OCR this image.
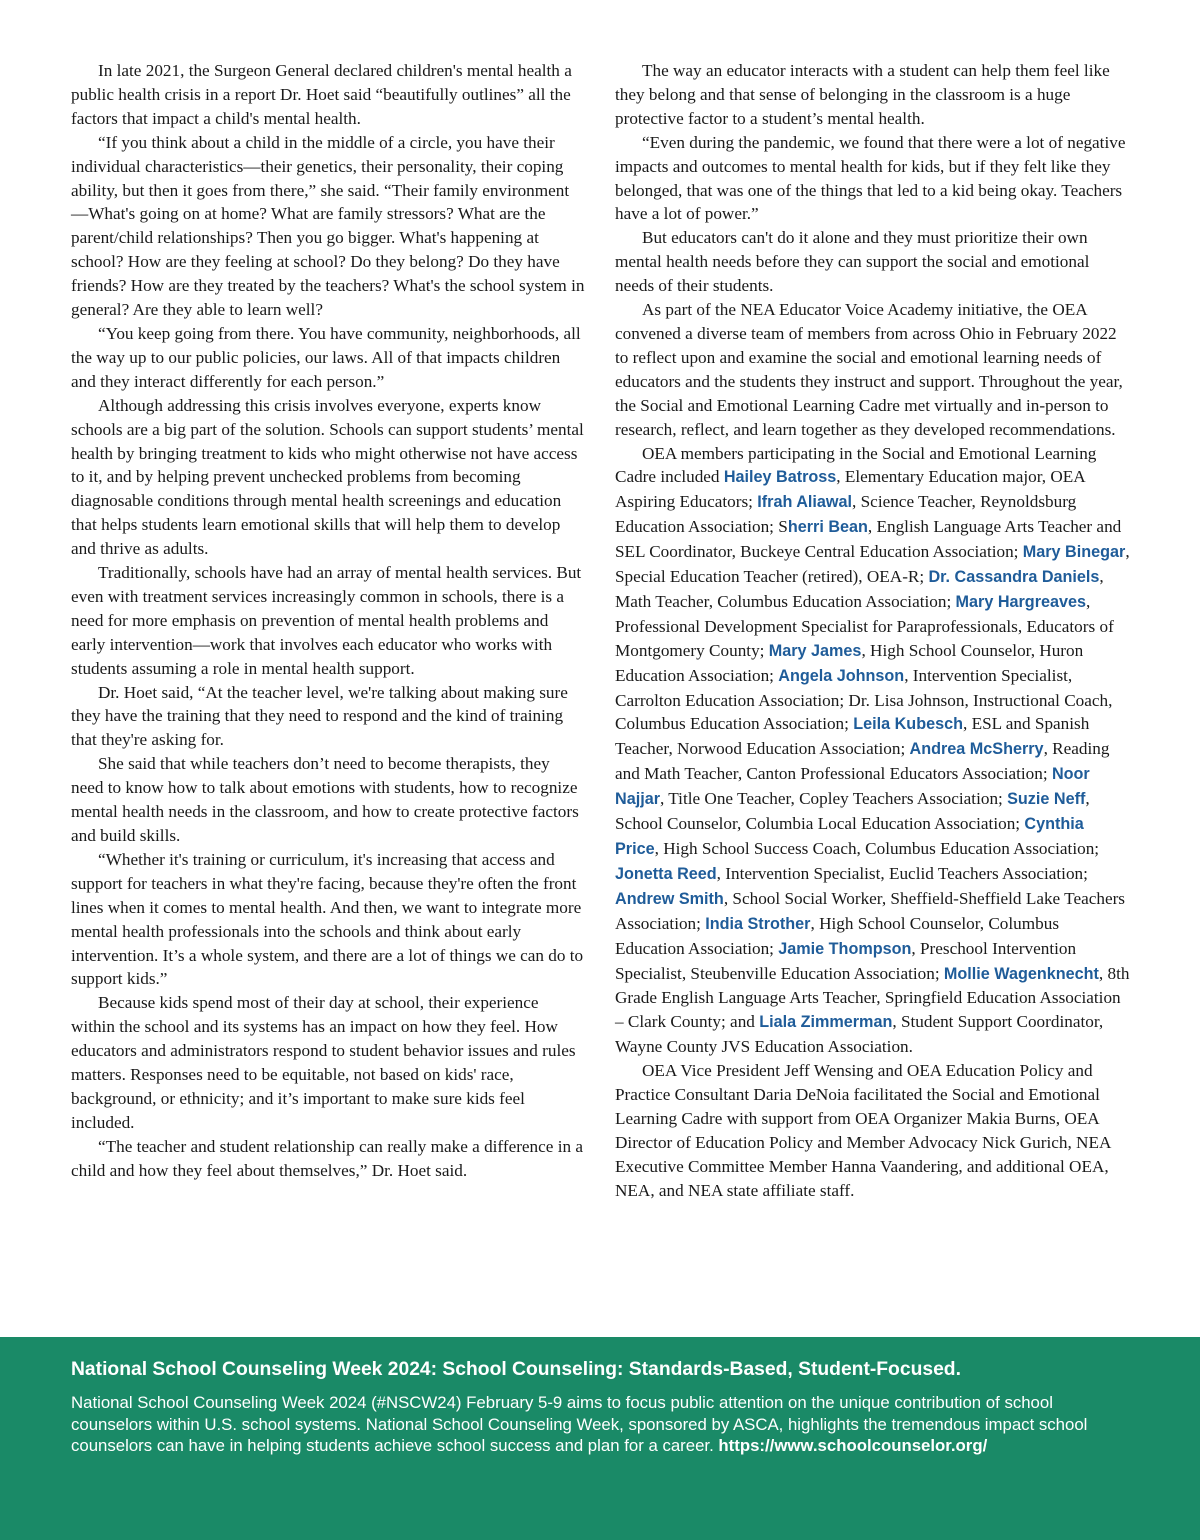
In late 2021, the Surgeon General declared children's mental health a public health crisis in a report Dr. Hoet said “beautifully outlines” all the factors that impact a child's mental health.

“If you think about a child in the middle of a circle, you have their individual characteristics—their genetics, their personality, their coping ability, but then it goes from there,” she said. “Their family environment—What's going on at home? What are family stressors? What are the parent/child relationships? Then you go bigger. What's happening at school? How are they feeling at school? Do they belong? Do they have friends? How are they treated by the teachers? What's the school system in general? Are they able to learn well?

“You keep going from there. You have community, neighborhoods, all the way up to our public policies, our laws. All of that impacts children and they interact differently for each person.”

Although addressing this crisis involves everyone, experts know schools are a big part of the solution. Schools can support students’ mental health by bringing treatment to kids who might otherwise not have access to it, and by helping prevent unchecked problems from becoming diagnosable conditions through mental health screenings and education that helps students learn emotional skills that will help them to develop and thrive as adults.

Traditionally, schools have had an array of mental health services. But even with treatment services increasingly common in schools, there is a need for more emphasis on prevention of mental health problems and early intervention—work that involves each educator who works with students assuming a role in mental health support.

Dr. Hoet said, “At the teacher level, we're talking about making sure they have the training that they need to respond and the kind of training that they're asking for.

She said that while teachers don’t need to become therapists, they need to know how to talk about emotions with students, how to recognize mental health needs in the classroom, and how to create protective factors and build skills.

“Whether it's training or curriculum, it's increasing that access and support for teachers in what they're facing, because they're often the front lines when it comes to mental health. And then, we want to integrate more mental health professionals into the schools and think about early intervention. It’s a whole system, and there are a lot of things we can do to support kids.”

Because kids spend most of their day at school, their experience within the school and its systems has an impact on how they feel. How educators and administrators respond to student behavior issues and rules matters. Responses need to be equitable, not based on kids' race, background, or ethnicity; and it’s important to make sure kids feel included.

“The teacher and student relationship can really make a difference in a child and how they feel about themselves,” Dr. Hoet said.

The way an educator interacts with a student can help them feel like they belong and that sense of belonging in the classroom is a huge protective factor to a student’s mental health.

“Even during the pandemic, we found that there were a lot of negative impacts and outcomes to mental health for kids, but if they felt like they belonged, that was one of the things that led to a kid being okay. Teachers have a lot of power.”

But educators can't do it alone and they must prioritize their own mental health needs before they can support the social and emotional needs of their students.

As part of the NEA Educator Voice Academy initiative, the OEA convened a diverse team of members from across Ohio in February 2022 to reflect upon and examine the social and emotional learning needs of educators and the students they instruct and support. Throughout the year, the Social and Emotional Learning Cadre met virtually and in-person to research, reflect, and learn together as they developed recommendations.

OEA members participating in the Social and Emotional Learning Cadre included Hailey Batross, Elementary Education major, OEA Aspiring Educators; Ifrah Aliawal, Science Teacher, Reynoldsburg Education Association; Sherri Bean, English Language Arts Teacher and SEL Coordinator, Buckeye Central Education Association; Mary Binegar, Special Education Teacher (retired), OEA-R; Dr. Cassandra Daniels, Math Teacher, Columbus Education Association; Mary Hargreaves, Professional Development Specialist for Paraprofessionals, Educators of Montgomery County; Mary James, High School Counselor, Huron Education Association; Angela Johnson, Intervention Specialist, Carrolton Education Association; Dr. Lisa Johnson, Instructional Coach, Columbus Education Association; Leila Kubesch, ESL and Spanish Teacher, Norwood Education Association; Andrea McSherry, Reading and Math Teacher, Canton Professional Educators Association; Noor Najjar, Title One Teacher, Copley Teachers Association; Suzie Neff, School Counselor, Columbia Local Education Association; Cynthia Price, High School Success Coach, Columbus Education Association; Jonetta Reed, Intervention Specialist, Euclid Teachers Association; Andrew Smith, School Social Worker, Sheffield-Sheffield Lake Teachers Association; India Strother, High School Counselor, Columbus Education Association; Jamie Thompson, Preschool Intervention Specialist, Steubenville Education Association; Mollie Wagenknecht, 8th Grade English Language Arts Teacher, Springfield Education Association – Clark County; and Liala Zimmerman, Student Support Coordinator, Wayne County JVS Education Association.

OEA Vice President Jeff Wensing and OEA Education Policy and Practice Consultant Daria DeNoia facilitated the Social and Emotional Learning Cadre with support from OEA Organizer Makia Burns, OEA Director of Education Policy and Member Advocacy Nick Gurich, NEA Executive Committee Member Hanna Vaandering, and additional OEA, NEA, and NEA state affiliate staff.

National School Counseling Week 2024: School Counseling: Standards-Based, Student-Focused.

National School Counseling Week 2024 (#NSCW24) February 5-9 aims to focus public attention on the unique contribution of school counselors within U.S. school systems. National School Counseling Week, sponsored by ASCA, highlights the tremendous impact school counselors can have in helping students achieve school success and plan for a career. https://www.schoolcounselor.org/
